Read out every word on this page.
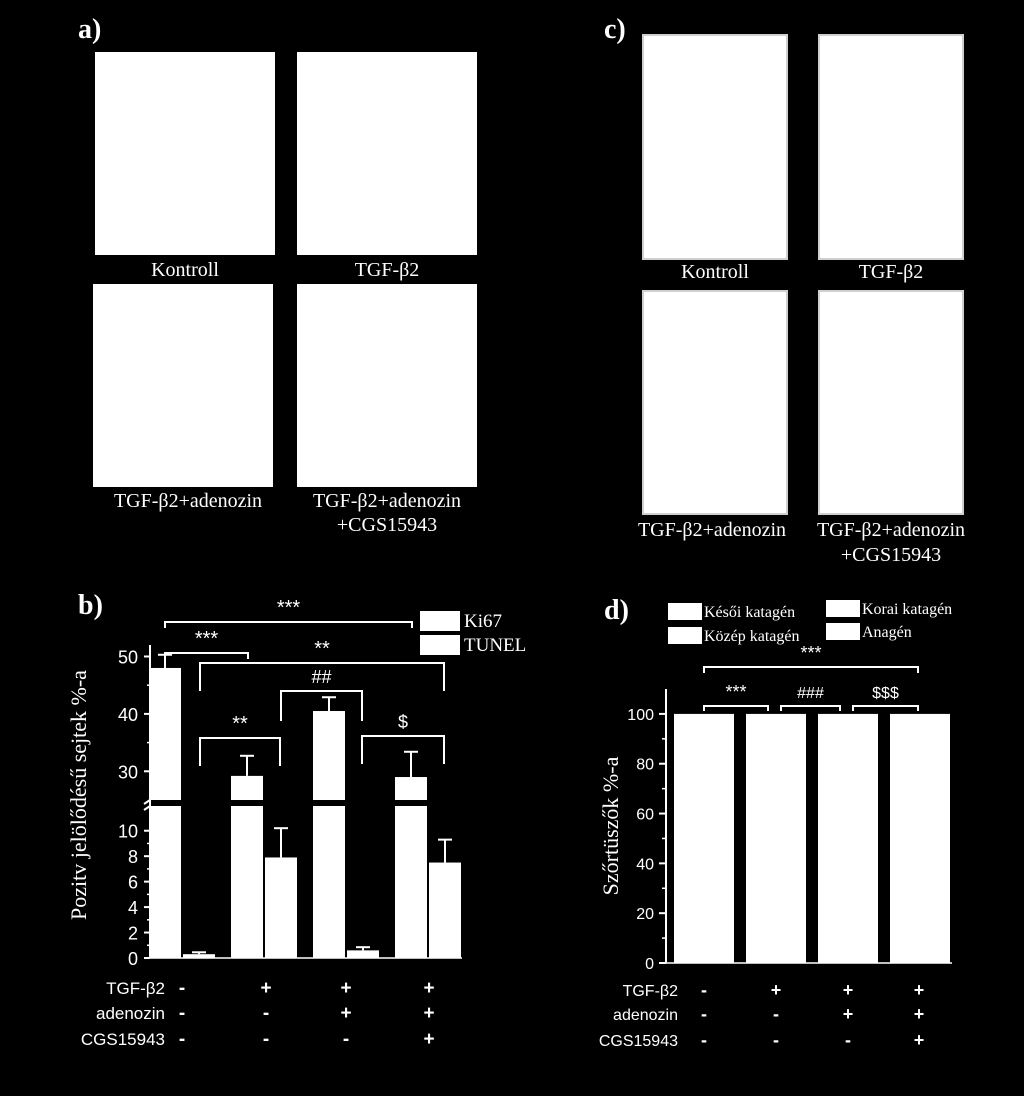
a)
Kontroll	TGF-β2
TGF-β2+adenozin	TGF-β2+adenozin
+CGS15943
c)
Kontroll	TGF-β2
TGF-β2+adenozin	TGF-β2+adenozin
+CGS15943
b)	d)
30
40
50
0
2
4
6
8
10
Pozitv jelölődésű sejtek %-a
***
***	**
##
**	$
Ki67
TUNEL
0
20
40
60
80
100
Szőrtüszők %-a
***
***	###	$$$
Késői katagén
Közép katagén
Korai katagén
Anagén
TGF-β2 -	+	+	+
adenozin -	-	+	+
CGS15943 -	-	-	+
TGF-β2 -	+	+	+
adenozin -	-	+	+
CGS15943 -	-	-	+
